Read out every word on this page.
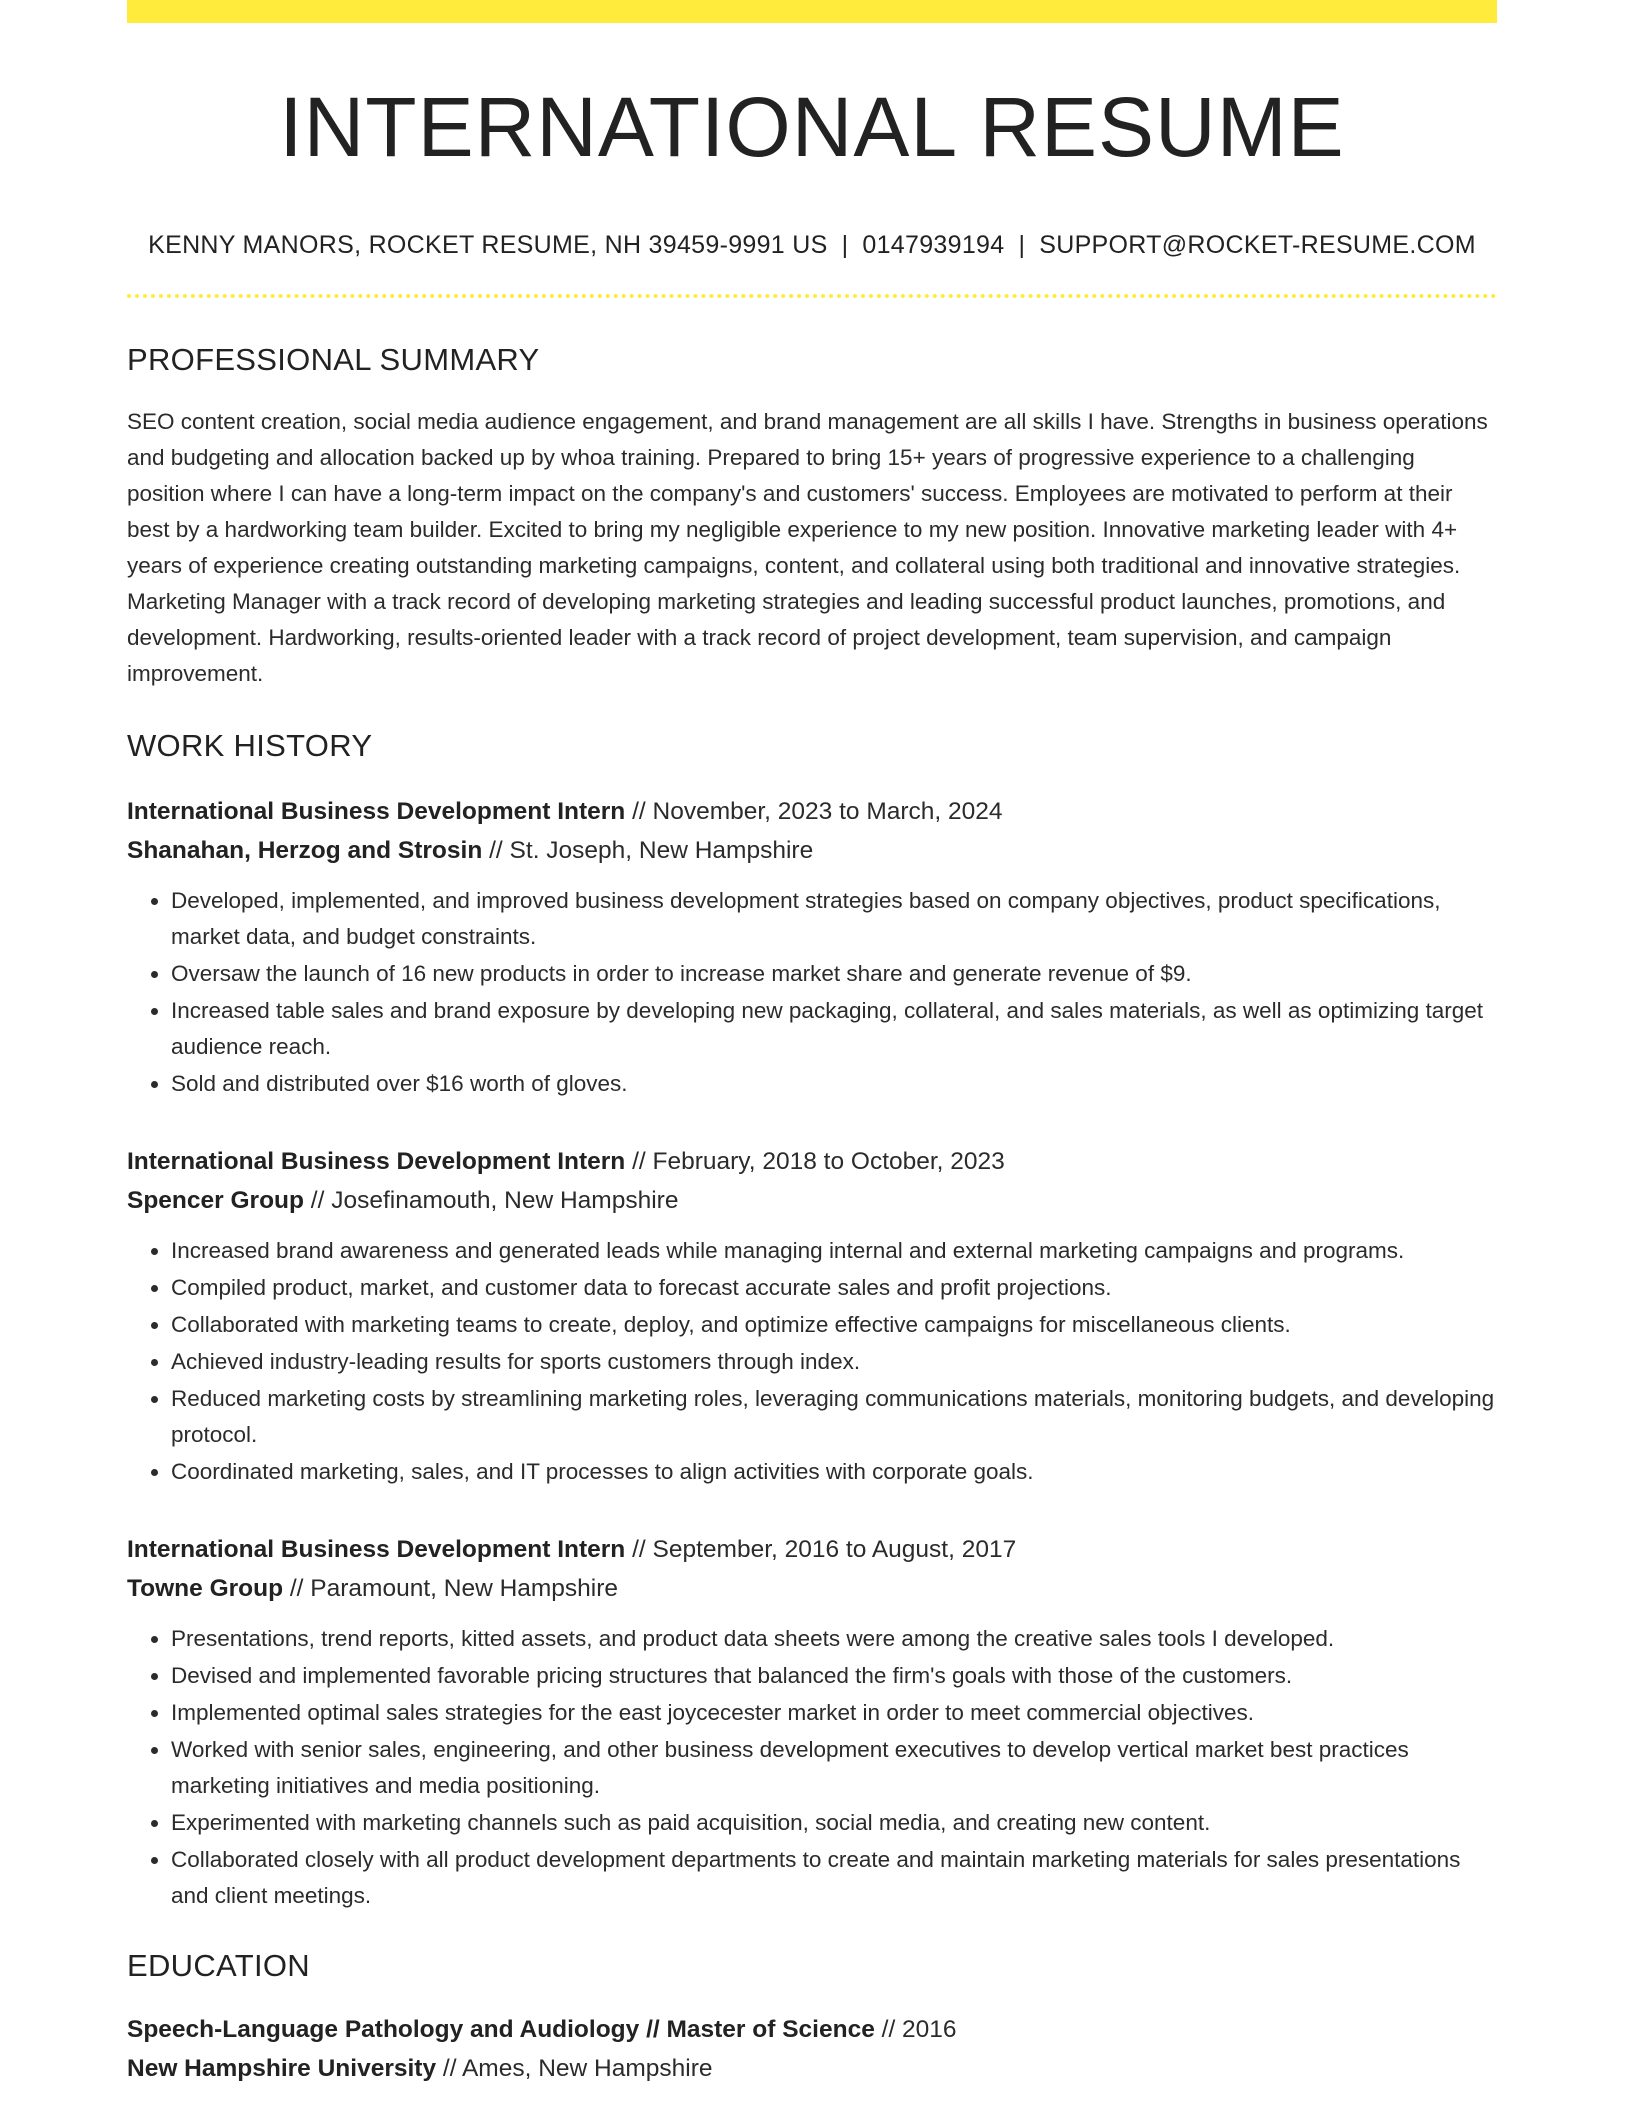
INTERNATIONAL RESUME
KENNY MANORS, ROCKET RESUME, NH 39459-9991 US | 0147939194 | SUPPORT@ROCKET-RESUME.COM
PROFESSIONAL SUMMARY
SEO content creation, social media audience engagement, and brand management are all skills I have. Strengths in business operations and budgeting and allocation backed up by whoa training. Prepared to bring 15+ years of progressive experience to a challenging position where I can have a long-term impact on the company's and customers' success. Employees are motivated to perform at their best by a hardworking team builder. Excited to bring my negligible experience to my new position. Innovative marketing leader with 4+ years of experience creating outstanding marketing campaigns, content, and collateral using both traditional and innovative strategies. Marketing Manager with a track record of developing marketing strategies and leading successful product launches, promotions, and development. Hardworking, results-oriented leader with a track record of project development, team supervision, and campaign improvement.
WORK HISTORY
International Business Development Intern // November, 2023 to March, 2024
Shanahan, Herzog and Strosin // St. Joseph, New Hampshire
• Developed, implemented, and improved business development strategies based on company objectives, product specifications, market data, and budget constraints.
• Oversaw the launch of 16 new products in order to increase market share and generate revenue of $9.
• Increased table sales and brand exposure by developing new packaging, collateral, and sales materials, as well as optimizing target audience reach.
• Sold and distributed over $16 worth of gloves.
International Business Development Intern // February, 2018 to October, 2023
Spencer Group // Josefinamouth, New Hampshire
• Increased brand awareness and generated leads while managing internal and external marketing campaigns and programs.
• Compiled product, market, and customer data to forecast accurate sales and profit projections.
• Collaborated with marketing teams to create, deploy, and optimize effective campaigns for miscellaneous clients.
• Achieved industry-leading results for sports customers through index.
• Reduced marketing costs by streamlining marketing roles, leveraging communications materials, monitoring budgets, and developing protocol.
• Coordinated marketing, sales, and IT processes to align activities with corporate goals.
International Business Development Intern // September, 2016 to August, 2017
Towne Group // Paramount, New Hampshire
• Presentations, trend reports, kitted assets, and product data sheets were among the creative sales tools I developed.
• Devised and implemented favorable pricing structures that balanced the firm's goals with those of the customers.
• Implemented optimal sales strategies for the east joycecester market in order to meet commercial objectives.
• Worked with senior sales, engineering, and other business development executives to develop vertical market best practices marketing initiatives and media positioning.
• Experimented with marketing channels such as paid acquisition, social media, and creating new content.
• Collaborated closely with all product development departments to create and maintain marketing materials for sales presentations and client meetings.
EDUCATION
Speech-Language Pathology and Audiology // Master of Science // 2016
New Hampshire University // Ames, New Hampshire
